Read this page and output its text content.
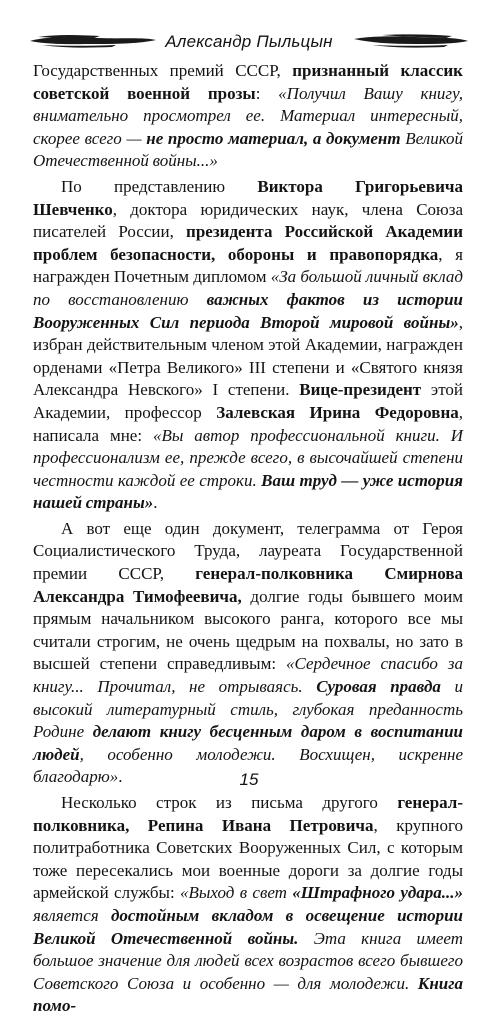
Александр Пыльцын

Государственных премий СССР, признанный классик советской военной прозы: «Получил Вашу книгу, внимательно просмотрел ее. Материал интересный, скорее всего — не просто материал, а документ Великой Отечественной войны...»

По представлению Виктора Григорьевича Шевченко, доктора юридических наук, члена Союза писателей России, президента Российской Академии проблем безопасности, обороны и правопорядка, я награжден Почетным дипломом «За большой личный вклад по восстановлению важных фактов из истории Вооруженных Сил периода Второй мировой войны», избран действительным членом этой Академии, награжден орденами «Петра Великого» III степени и «Святого князя Александра Невского» I степени. Вице-президент этой Академии, профессор Залевская Ирина Федоровна, написала мне: «Вы автор профессиональной книги. И профессионализм ее, прежде всего, в высочайшей степени честности каждой ее строки. Ваш труд — уже история нашей страны».

А вот еще один документ, телеграмма от Героя Социалистического Труда, лауреата Государственной премии СССР, генерал-полковника Смирнова Александра Тимофеевича, долгие годы бывшего моим прямым начальником высокого ранга, которого все мы считали строгим, не очень щедрым на похвалы, но зато в высшей степени справедливым: «Сердечное спасибо за книгу... Прочитал, не отрываясь. Суровая правда и высокий литературный стиль, глубокая преданность Родине делают книгу бесценным даром в воспитании людей, особенно молодежи. Восхищен, искренне благодарю».

Несколько строк из письма другого генерал-полковника, Репина Ивана Петровича, крупного политработника Советских Вооруженных Сил, с которым тоже пересекались мои военные дороги за долгие годы армейской службы: «Выход в свет «Штрафного удара...» является достойным вкладом в освещение истории Великой Отечественной войны. Эта книга имеет большое значение для людей всех возрастов всего бывшего Советского Союза и особенно — для молодежи. Книга помо-

15
